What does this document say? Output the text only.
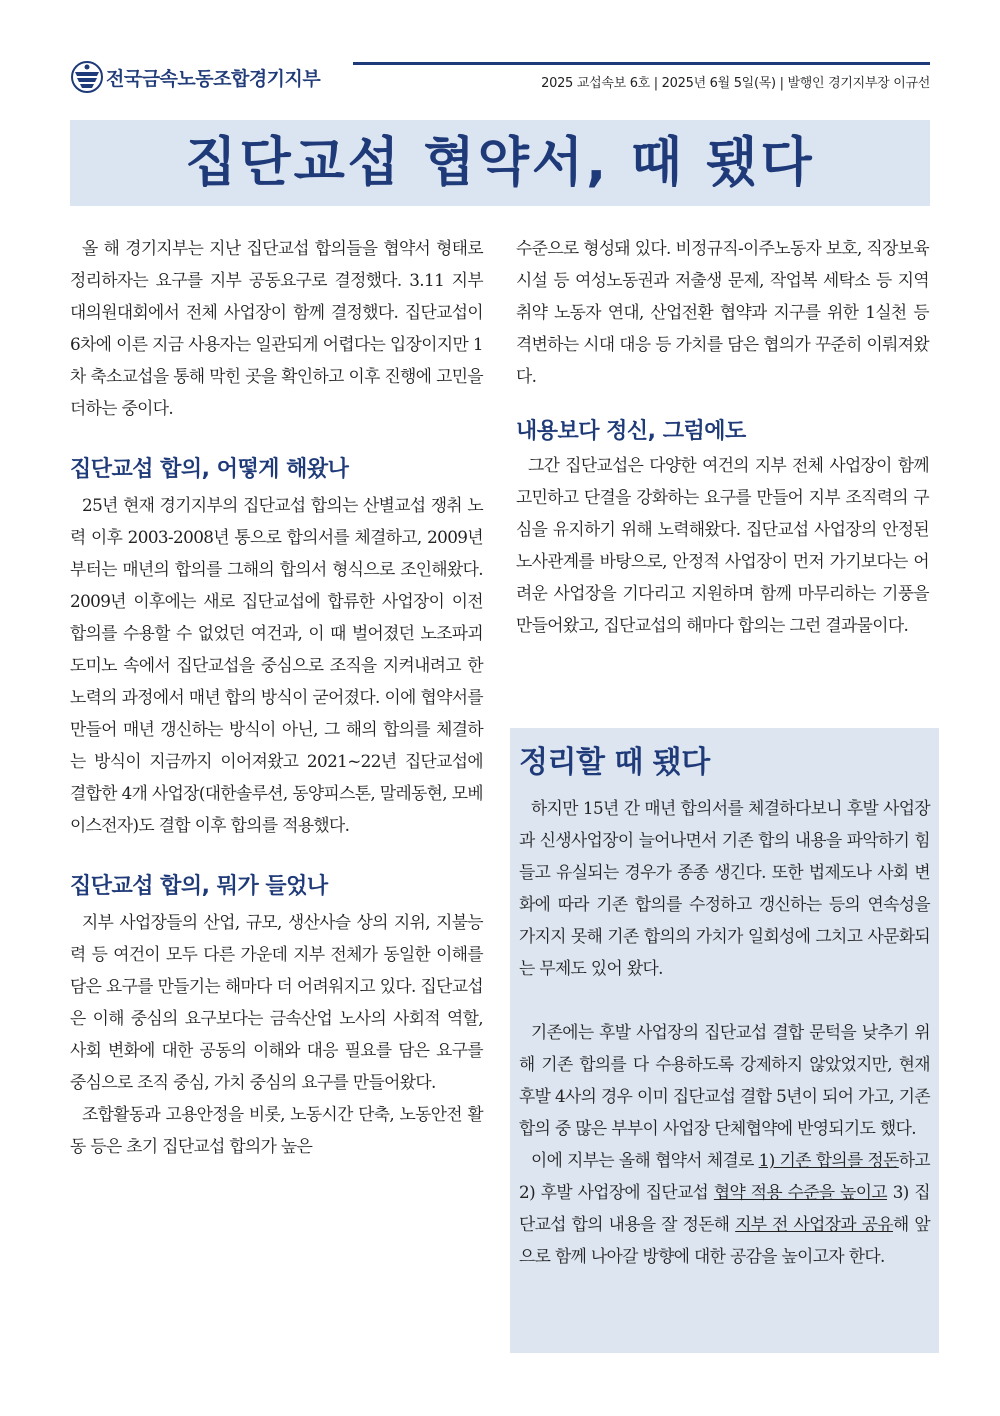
전국금속노동조합경기지부	2025 교섭속보 6호 | 2025년 6월 5일(목) | 발행인 경기지부장 이규선
집단교섭 협약서, 때 됐다

올 해 경기지부는 지난 집단교섭 합의들을 협약서 형태로 정리하자는 요구를 지부 공동요구로 결정했다. 3.11 지부 대의원대회에서 전체 사업장이 함께 결정했다. 집단교섭이 6차에 이른 지금 사용자는 일관되게 어렵다는 입장이지만 1차 축소교섭을 통해 막힌 곳을 확인하고 이후 진행에 고민을 더하는 중이다.

집단교섭 합의, 어떻게 해왔나

25년 현재 경기지부의 집단교섭 합의는 산별교섭 쟁취 노력 이후 2003-2008년 통으로 합의서를 체결하고, 2009년부터는 매년의 합의를 그해의 합의서 형식으로 조인해왔다. 2009년 이후에는 새로 집단교섭에 합류한 사업장이 이전 합의를 수용할 수 없었던 여건과, 이 때 벌어졌던 노조파괴 도미노 속에서 집단교섭을 중심으로 조직을 지켜내려고 한 노력의 과정에서 매년 합의 방식이 굳어졌다. 이에 협약서를 만들어 매년 갱신하는 방식이 아닌, 그 해의 합의를 체결하는 방식이 지금까지 이어져왔고 2021~22년 집단교섭에 결합한 4개 사업장(대한솔루션, 동양피스톤, 말레동현, 모베이스전자)도 결합 이후 합의를 적용했다.

집단교섭 합의, 뭐가 들었나

지부 사업장들의 산업, 규모, 생산사슬 상의 지위, 지불능력 등 여건이 모두 다른 가운데 지부 전체가 동일한 이해를 담은 요구를 만들기는 해마다 더 어려워지고 있다. 집단교섭은 이해 중심의 요구보다는 금속산업 노사의 사회적 역할, 사회 변화에 대한 공동의 이해와 대응 필요를 담은 요구를 중심으로 조직 중심, 가치 중심의 요구를 만들어왔다.

조합활동과 고용안정을 비롯, 노동시간 단축, 노동안전 활동 등은 초기 집단교섭 합의가 높은

수준으로 형성돼 있다. 비정규직-이주노동자 보호, 직장보육시설 등 여성노동권과 저출생 문제, 작업복 세탁소 등 지역 취약 노동자 연대, 산업전환 협약과 지구를 위한 1실천 등 격변하는 시대 대응 등 가치를 담은 협의가 꾸준히 이뤄져왔다.

내용보다 정신, 그럼에도

그간 집단교섭은 다양한 여건의 지부 전체 사업장이 함께 고민하고 단결을 강화하는 요구를 만들어 지부 조직력의 구심을 유지하기 위해 노력해왔다. 집단교섭 사업장의 안정된 노사관계를 바탕으로, 안정적 사업장이 먼저 가기보다는 어려운 사업장을 기다리고 지원하며 함께 마무리하는 기풍을 만들어왔고, 집단교섭의 해마다 합의는 그런 결과물이다.

정리할 때 됐다

하지만 15년 간 매년 합의서를 체결하다보니 후발 사업장과 신생사업장이 늘어나면서 기존 합의 내용을 파악하기 힘들고 유실되는 경우가 종종 생긴다. 또한 법제도나 사회 변화에 따라 기존 합의를 수정하고 갱신하는 등의 연속성을 가지지 못해 기존 합의의 가치가 일회성에 그치고 사문화되는 무제도 있어 왔다.

기존에는 후발 사업장의 집단교섭 결합 문턱을 낮추기 위해 기존 합의를 다 수용하도록 강제하지 않았었지만, 현재 후발 4사의 경우 이미 집단교섭 결합 5년이 되어 가고, 기존 합의 중 많은 부부이 사업장 단체협약에 반영되기도 했다.

이에 지부는 올해 협약서 체결로 1) 기존 합의를 정돈하고 2) 후발 사업장에 집단교섭 협약 적용 수준을 높이고 3) 집단교섭 합의 내용을 잘 정돈해 지부 전 사업장과 공유해 앞으로 함께 나아갈 방향에 대한 공감을 높이고자 한다.
